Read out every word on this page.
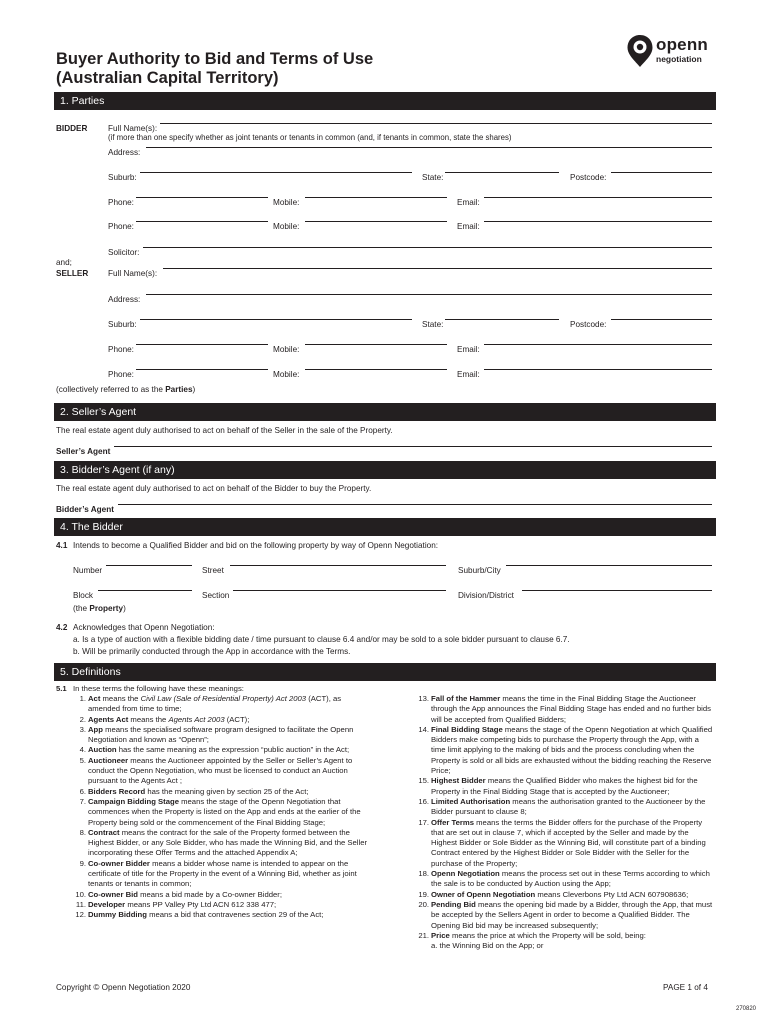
Buyer Authority to Bid and Terms of Use
(Australian Capital Territory)
openn
negotiation
1. Parties
BIDDER	Full Name(s):
(if more than one specify whether as joint tenants or tenants in common (and, if tenants in common, state the shares)
Address:
Suburb:	State:	Postcode:
Phone:	Mobile:	Email:
Phone:	Mobile:	Email:
Solicitor:
and;
SELLER Full Name(s):
Address:
Suburb:	State:	Postcode:
Phone:	Mobile:	Email:
Phone:	Mobile:	Email:
(collectively referred to as the Parties)
2. Seller’s Agent
The real estate agent duly authorised to act on behalf of the Seller in the sale of the Property.
Seller’s Agent
3. Bidder’s Agent (if any)
The real estate agent duly authorised to act on behalf of the Bidder to buy the Property.
Bidder’s Agent
4. The Bidder
4.1 Intends to become a Qualified Bidder and bid on the following property by way of Openn Negotiation:
Number	Street	Suburb/City
Block	Section	Division/District
(the Property)
4.2 Acknowledges that Openn Negotiation:
a. Is a type of auction with a flexible bidding date / time pursuant to clause 6.4 and/or may be sold to a sole bidder pursuant to clause 6.7.
b. Will be primarily conducted through the App in accordance with the Terms.
5. Definitions
5.1 In these terms the following have these meanings:
1. Act means the Civil Law (Sale of Residential Property) Act 2003 (ACT), as amended from time to time;
2. Agents Act means the Agents Act 2003 (ACT);
3. App means the specialised software program designed to facilitate the Openn Negotiation and known as “Openn”;
4. Auction has the same meaning as the expression “public auction” in the Act;
5. Auctioneer means the Auctioneer appointed by the Seller or Seller’s Agent to conduct the Openn Negotiation, who must be licensed to conduct an Auction pursuant to the Agents Act ;
6. Bidders Record has the meaning given by section 25 of the Act;
7. Campaign Bidding Stage means the stage of the Openn Negotiation that commences when the Property is listed on the App and ends at the earlier of the Property being sold or the commencement of the Final Bidding Stage;
8. Contract means the contract for the sale of the Property formed between the Highest Bidder, or any Sole Bidder, who has made the Winning Bid, and the Seller incorporating these Offer Terms and the attached Appendix A;
9. Co-owner Bidder means a bidder whose name is intended to appear on the certificate of title for the Property in the event of a Winning Bid, whether as joint tenants or tenants in common;
10. Co-owner Bid means a bid made by a Co-owner Bidder;
11. Developer means PP Valley Pty Ltd ACN 612 338 477;
12. Dummy Bidding means a bid that contravenes section 29 of the Act;
13. Fall of the Hammer means the time in the Final Bidding Stage the Auctioneer through the App announces the Final Bidding Stage has ended and no further bids will be accepted from Qualified Bidders;
14. Final Bidding Stage means the stage of the Openn Negotiation at which Qualified Bidders make competing bids to purchase the Property through the App, with a time limit applying to the making of bids and the process concluding when the Property is sold or all bids are exhausted without the bidding reaching the Reserve Price;
15. Highest Bidder means the Qualified Bidder who makes the highest bid for the Property in the Final Bidding Stage that is accepted by the Auctioneer;
16. Limited Authorisation means the authorisation granted to the Auctioneer by the Bidder pursuant to clause 8;
17. Offer Terms means the terms the Bidder offers for the purchase of the Property that are set out in clause 7, which if accepted by the Seller and made by the Highest Bidder or Sole Bidder as the Winning Bid, will constitute part of a binding Contract entered by the Highest Bidder or Sole Bidder with the Seller for the purchase of the Property;
18. Openn Negotiation means the process set out in these Terms according to which the sale is to be conducted by Auction using the App;
19. Owner of Openn Negotiation means Cleverbons Pty Ltd ACN 607908636;
20. Pending Bid means the opening bid made by a Bidder, through the App, that must be accepted by the Sellers Agent in order to become a Qualified Bidder. The Opening Bid bid may be increased subsequently;
21. Price means the price at which the Property will be sold, being:
a. the Winning Bid on the App; or
Copyright © Openn Negotiation 2020	PAGE 1 of 4
270820
